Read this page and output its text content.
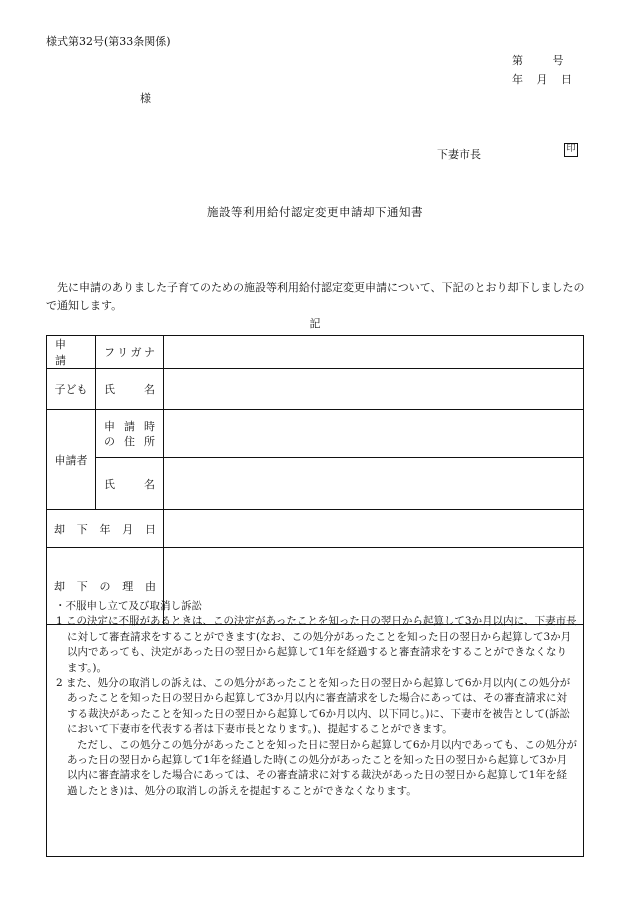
様式第32号(第33条関係)
第 号
年 月 日
様
下妻市長	印
施設等利用給付認定変更申請却下通知書
先に申請のありました子育てのための施設等利用給付認定変更申請について、下記のとおり却下しましたので通知します。
記
申　請	フリガナ	

子ども	氏名	

申請者	申請時
の住所	

	氏名	

却下年月日		

却下の理由		

・不服申し立て及び取消し訴訟
1 この決定に不服があるときは、この決定があったことを知った日の翌日から起算して3か月以内に、下妻市長に対して審査請求をすることができます(なお、この処分があったことを知った日の翌日から起算して3か月以内であっても、決定があった日の翌日から起算して1年を経過すると審査請求をすることができなくなります。)。
2 また、処分の取消しの訴えは、この処分があったことを知った日の翌日から起算して6か月以内(この処分があったことを知った日の翌日から起算して3か月以内に審査請求をした場合にあっては、その審査請求に対する裁決があったことを知った日の翌日から起算して6か月以内、以下同じ。)に、下妻市を被告として(訴訟において下妻市を代表する者は下妻市長となります。)、提起することができます。
ただし、この処分この処分があったことを知った日に翌日から起算して6か月以内であっても、この処分があった日の翌日から起算して1年を経過した時(この処分があったことを知った日の翌日から起算して3か月以内に審査請求をした場合にあっては、その審査請求に対する裁決があった日の翌日から起算して1年を経過したとき)は、処分の取消しの訴えを提起することができなくなります。
